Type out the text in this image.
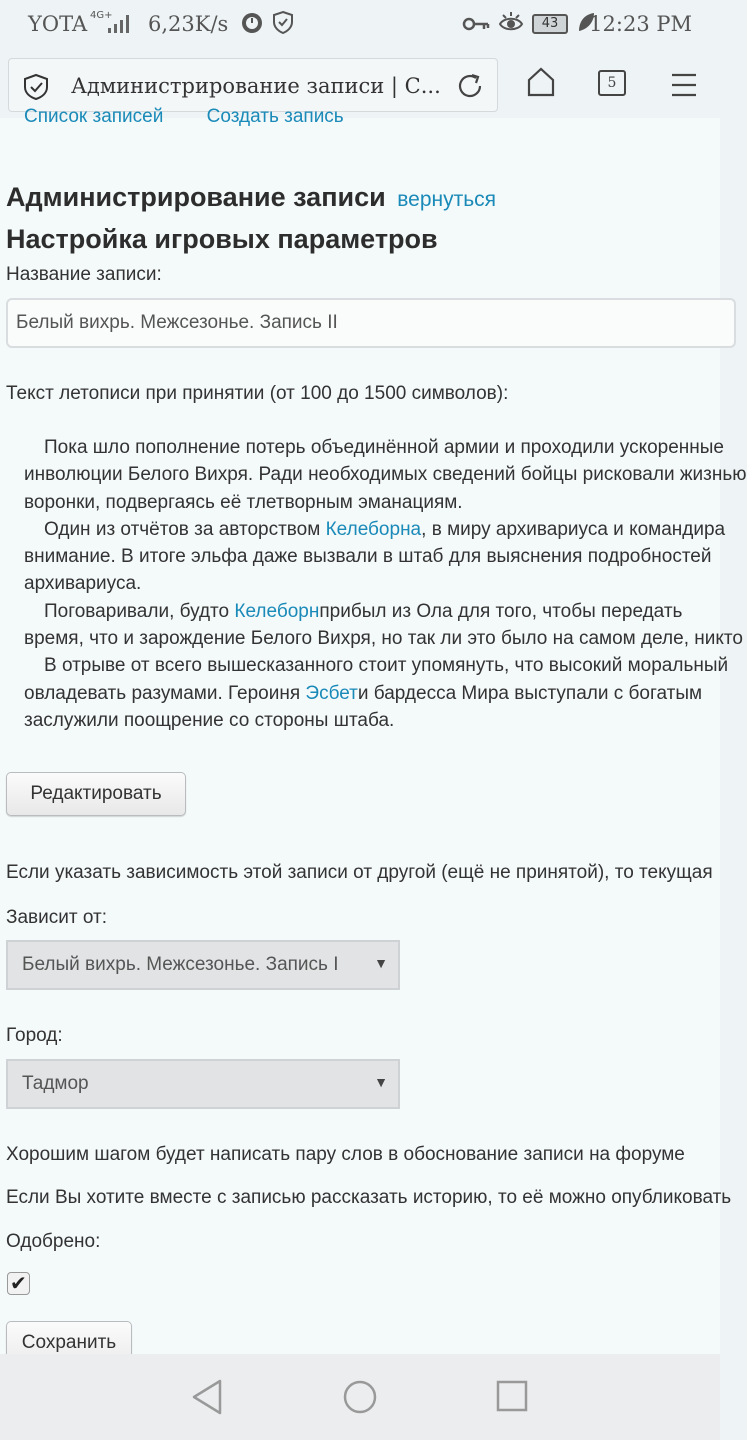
YOTA 4G+ 6,23K/s	43	12:23 PM
Администрирование записи | С...	5
Список записей Создать запись
Администрирование записи вернуться
Настройка игровых параметров
Название записи:
Белый вихрь. Межсезонье. Запись II
Текст летописи при принятии (от 100 до 1500 символов):

Пока шло пополнение потерь объединённой армии и проходили ускоренные

инволюции Белого Вихря. Ради необходимых сведений бойцы рисковали жизнью

воронки, подвергаясь её тлетворным эманациям.

Один из отчётов за авторством Келеборна, в миру архивариуса и командира

внимание. В итоге эльфа даже вызвали в штаб для выяснения подробностей

архивариуса.

Поговаривали, будто Келеборнприбыл из Ола для того, чтобы передать

время, что и зарождение Белого Вихря, но так ли это было на самом деле, никто

В отрыве от всего вышесказанного стоит упомянуть, что высокий моральный

овладевать разумами. Героиня Эсбети бардесса Мира выступали с богатым

заслужили поощрение со стороны штаба.

Редактировать
Если указать зависимость этой записи от другой (ещё не принятой), то текущая
Зависит от:
Белый вихрь. Межсезонье. Запись I	▼
Город:
Тадмор	▼
Хорошим шагом будет написать пару слов в обоснование записи на форуме
Если Вы хотите вместе с записью рассказать историю, то её можно опубликовать
Одобрено:
✔
Сохранить
